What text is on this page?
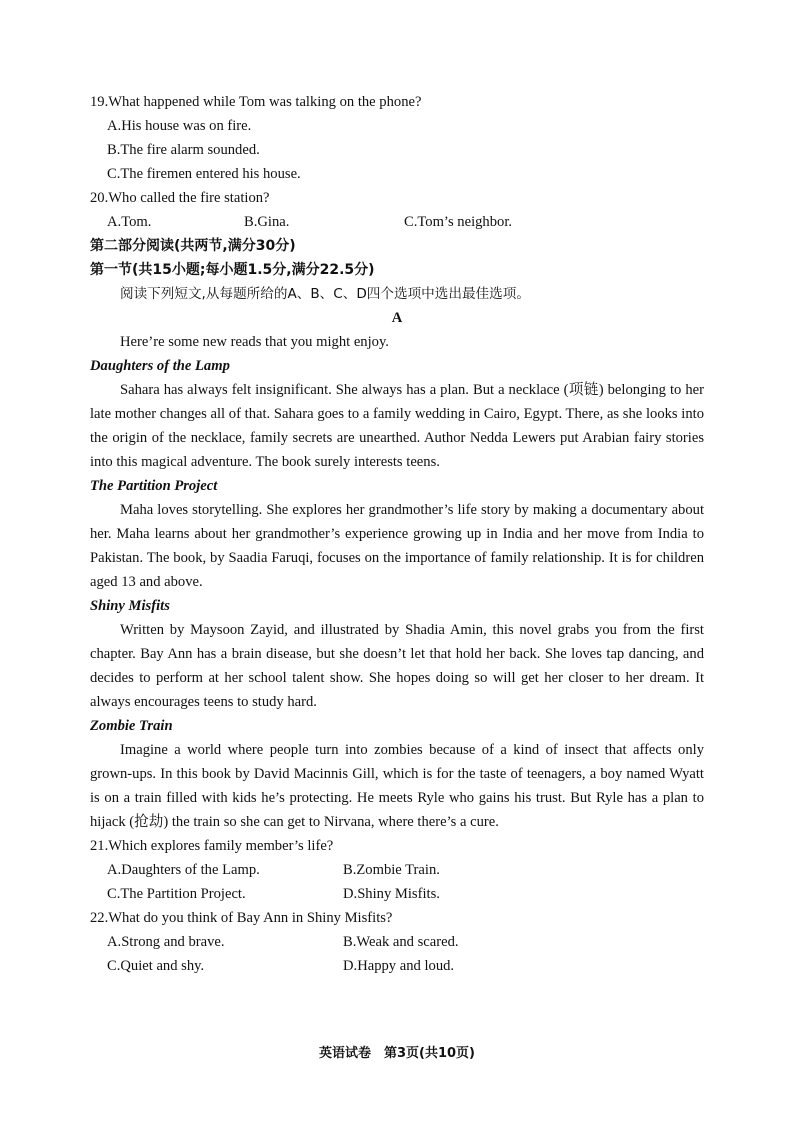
19.What happened while Tom was talking on the phone?
A.His house was on fire.
B.The fire alarm sounded.
C.The firemen entered his house.
20.Who called the fire station?
A.Tom.	B.Gina.	C.Tom’s neighbor.
第二部分阅读(共两节,满分30分)
第一节(共15小题;每小题1.5分,满分22.5分)
阅读下列短文,从每题所给的A、B、C、D四个选项中选出最佳选项。
A
Here’re some new reads that you might enjoy.
Daughters of the Lamp

Sahara has always felt insignificant. She always has a plan. But a necklace (项链) belonging to her late mother changes all of that. Sahara goes to a family wedding in Cairo, Egypt. There, as she looks into the origin of the necklace, family secrets are unearthed. Author Nedda Lewers put Arabian fairy stories into this magical adventure. The book surely interests teens.

The Partition Project

Maha loves storytelling. She explores her grandmother’s life story by making a documentary about her. Maha learns about her grandmother’s experience growing up in India and her move from India to Pakistan. The book, by Saadia Faruqi, focuses on the importance of family relationship. It is for children aged 13 and above.

Shiny Misfits

Written by Maysoon Zayid, and illustrated by Shadia Amin, this novel grabs you from the first chapter. Bay Ann has a brain disease, but she doesn’t let that hold her back. She loves tap dancing, and decides to perform at her school talent show. She hopes doing so will get her closer to her dream. It always encourages teens to study hard.

Zombie Train

Imagine a world where people turn into zombies because of a kind of insect that affects only grown-ups. In this book by David Macinnis Gill, which is for the taste of teenagers, a boy named Wyatt is on a train filled with kids he’s protecting. He meets Ryle who gains his trust. But Ryle has a plan to hijack (抢劫) the train so she can get to Nirvana, where there’s a cure.

21.Which explores family member’s life?
A.Daughters of the Lamp.	B.Zombie Train.
C.The Partition Project.	D.Shiny Misfits.
22.What do you think of Bay Ann in Shiny Misfits?
A.Strong and brave.	B.Weak and scared.
C.Quiet and shy.	D.Happy and loud.
英语试卷　第3页(共10页)
